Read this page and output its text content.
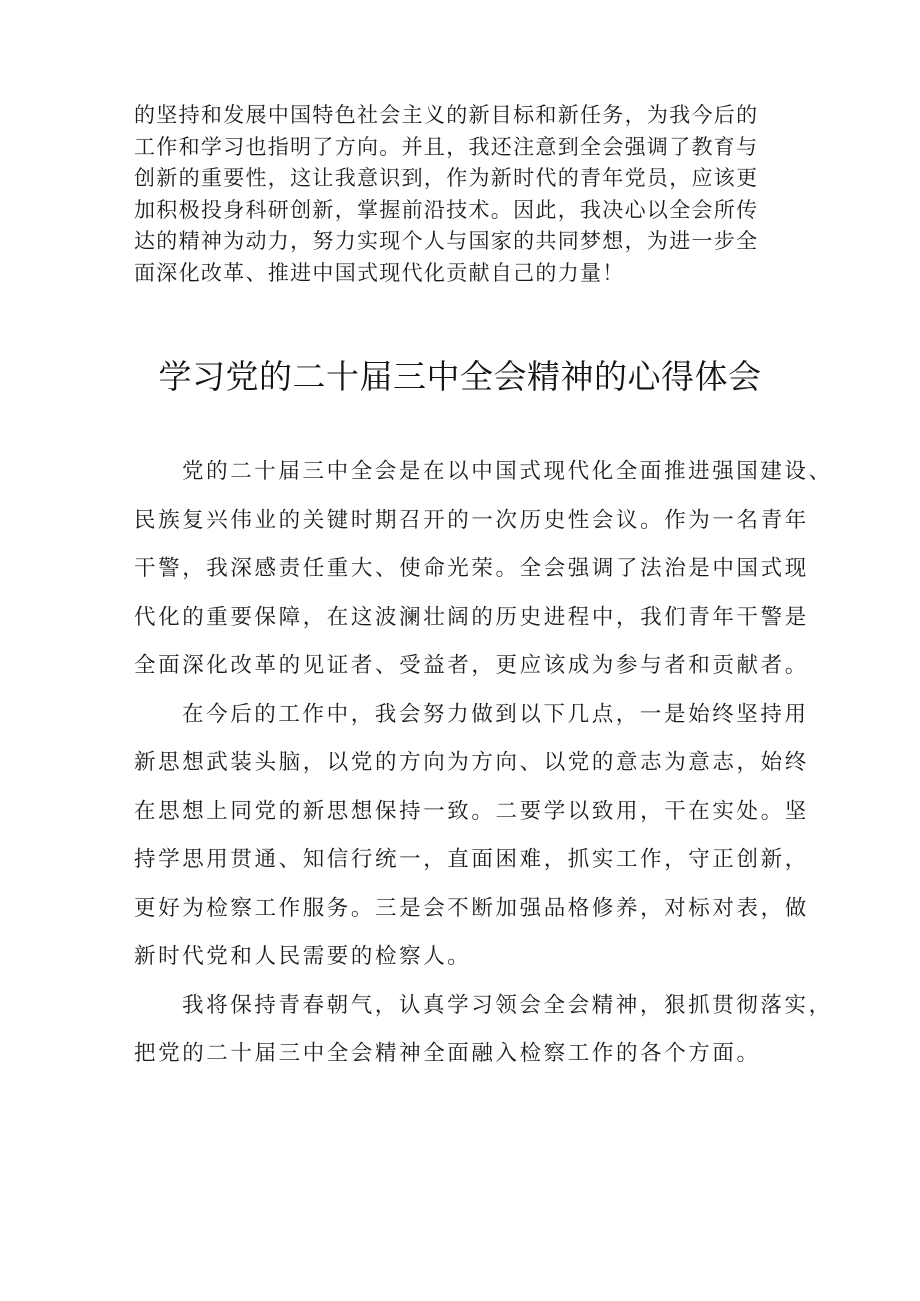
的坚持和发展中国特色社会主义的新目标和新任务，为我今后的
工作和学习也指明了方向。并且，我还注意到全会强调了教育与
创新的重要性，这让我意识到，作为新时代的青年党员，应该更
加积极投身科研创新，掌握前沿技术。因此，我决心以全会所传
达的精神为动力，努力实现个人与国家的共同梦想，为进一步全
面深化改革、推进中国式现代化贡献自己的力量！
学习党的二十届三中全会精神的心得体会
党的二十届三中全会是在以中国式现代化全面推进强国建设、
民族复兴伟业的关键时期召开的一次历史性会议。作为一名青年
干警，我深感责任重大、使命光荣。全会强调了法治是中国式现
代化的重要保障，在这波澜壮阔的历史进程中，我们青年干警是
全面深化改革的见证者、受益者，更应该成为参与者和贡献者。
在今后的工作中，我会努力做到以下几点，一是始终坚持用
新思想武装头脑，以党的方向为方向、以党的意志为意志，始终
在思想上同党的新思想保持一致。二要学以致用，干在实处。坚
持学思用贯通、知信行统一，直面困难，抓实工作，守正创新，
更好为检察工作服务。三是会不断加强品格修养，对标对表，做
新时代党和人民需要的检察人。
我将保持青春朝气，认真学习领会全会精神，狠抓贯彻落实，
把党的二十届三中全会精神全面融入检察工作的各个方面。
